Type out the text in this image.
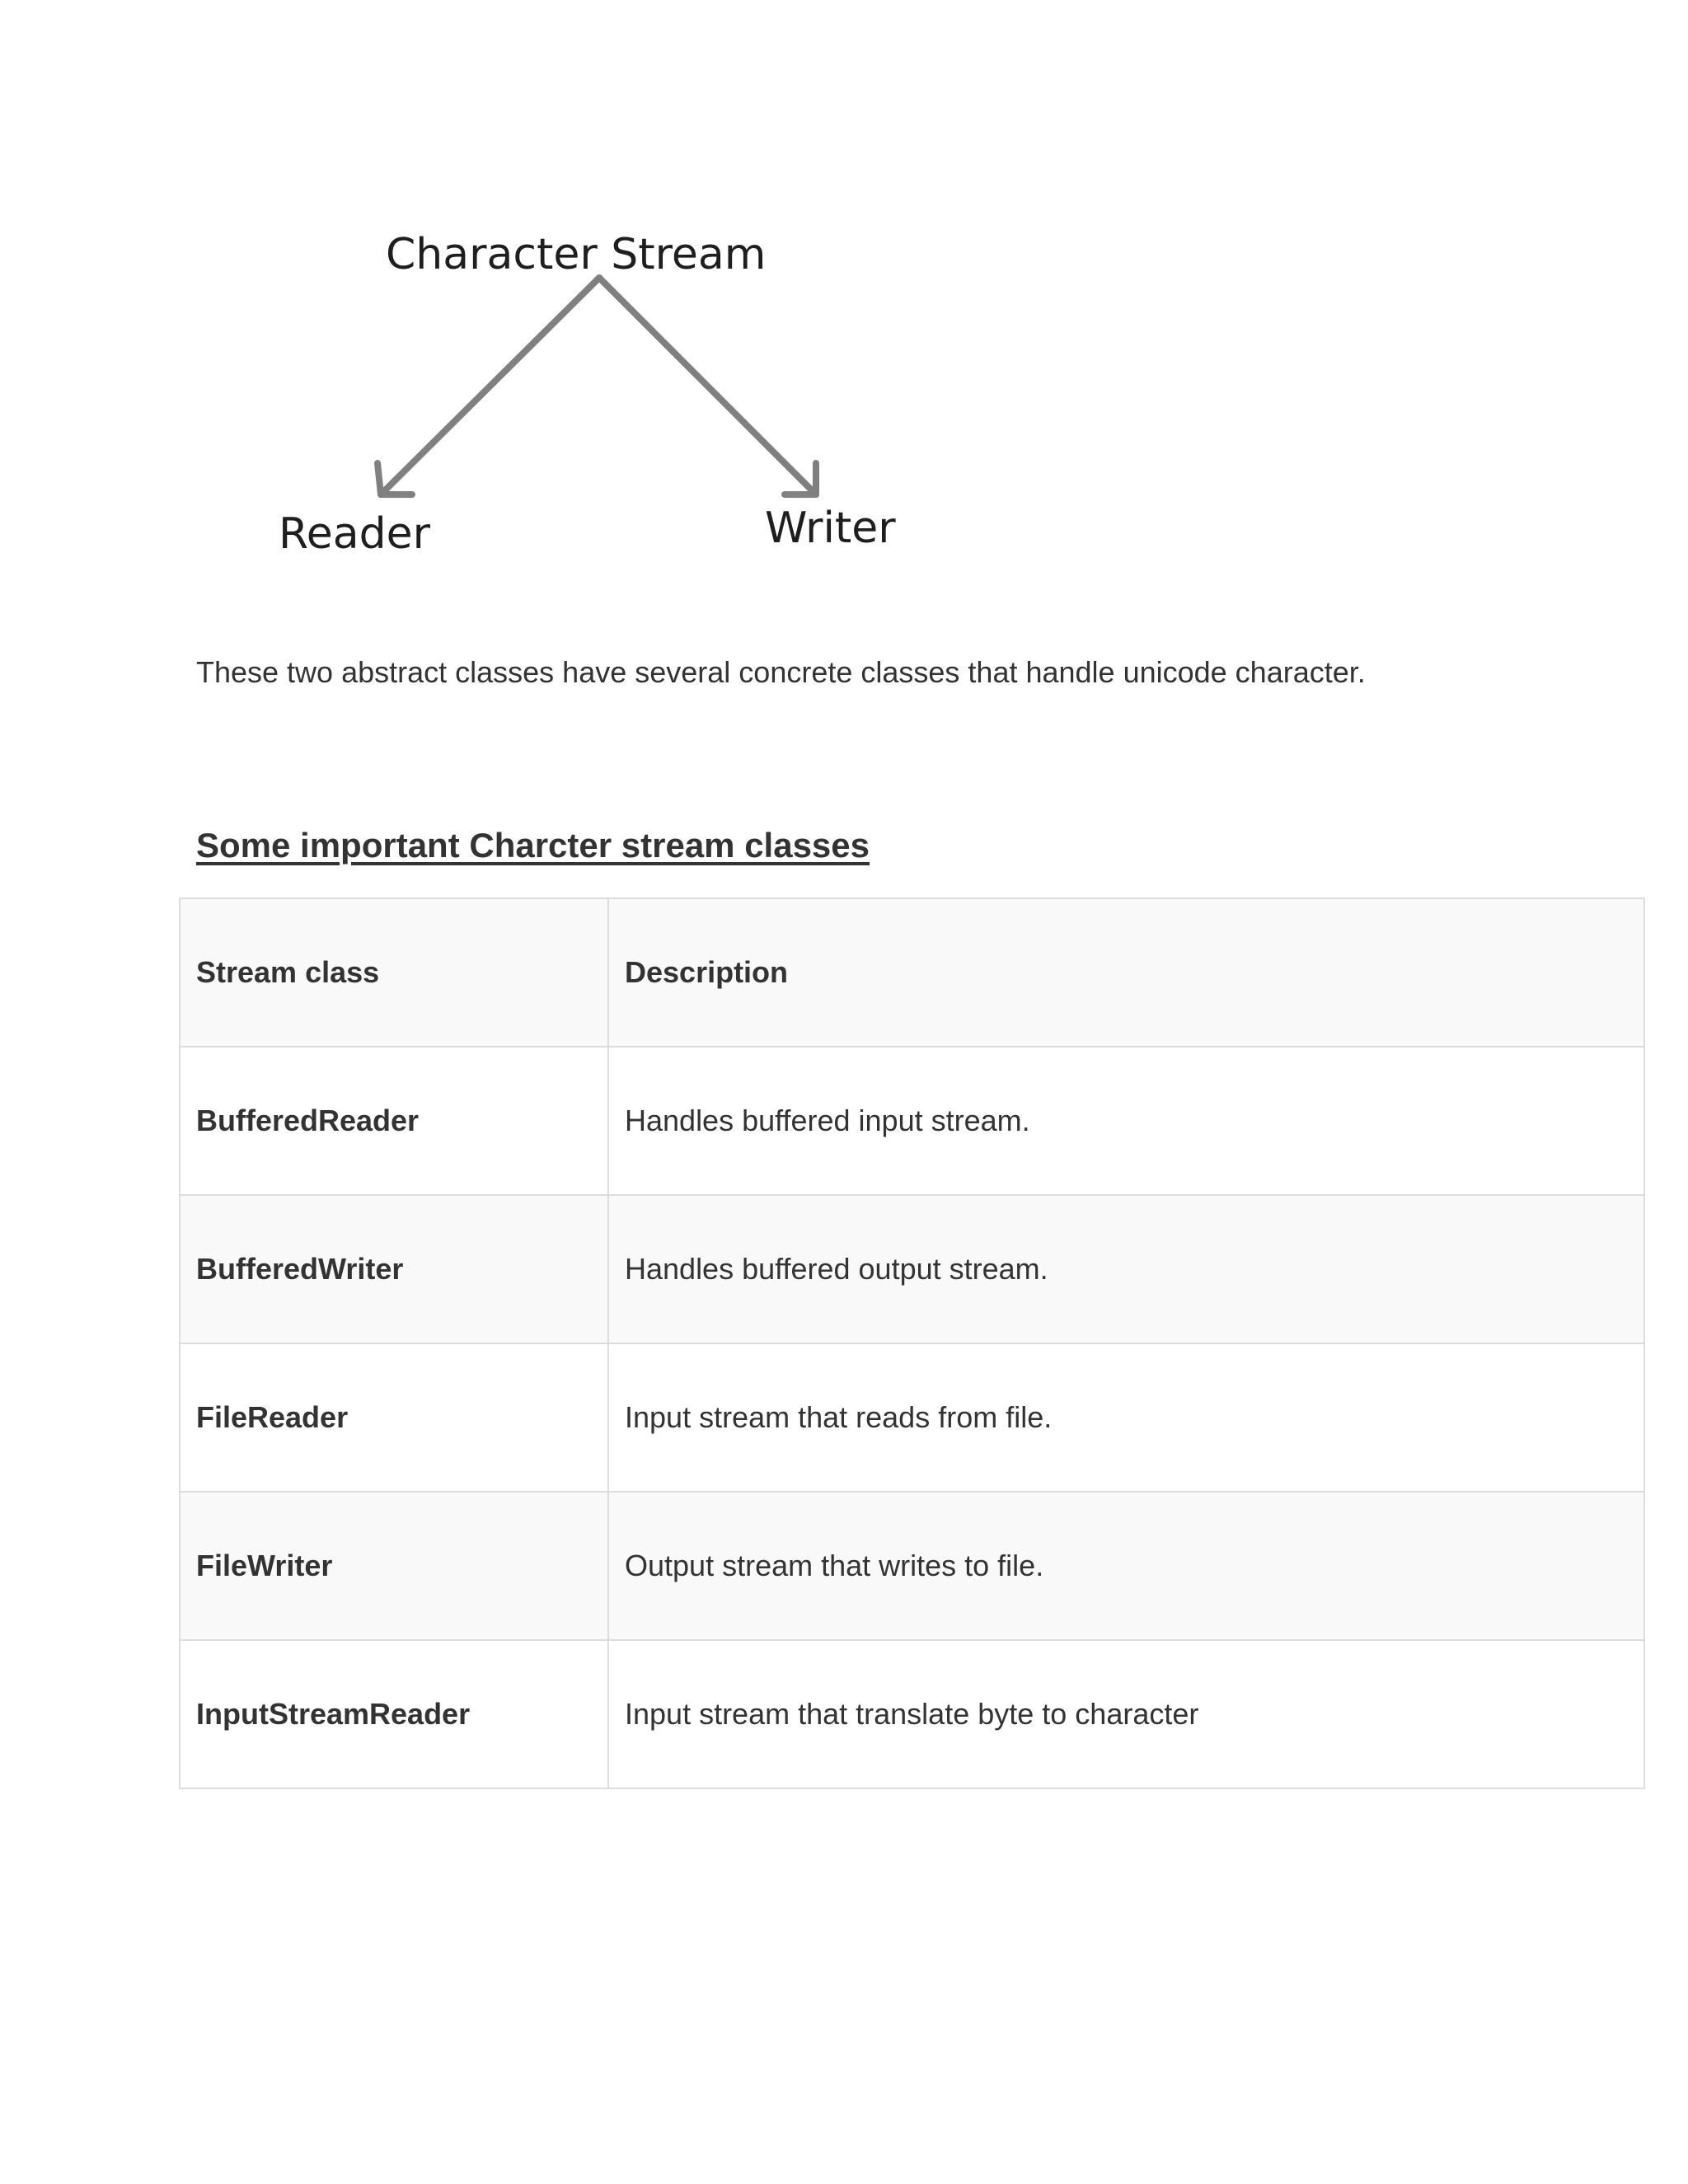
Character Stream
Reader	Writer

These two abstract classes have several concrete classes that handle unicode character.

Some important Charcter stream classes
Stream class	Description
BufferedReader	Handles buffered input stream.
BufferedWriter	Handles buffered output stream.
FileReader	Input stream that reads from file.
FileWriter	Output stream that writes to file.
InputStreamReader	Input stream that translate byte to character
